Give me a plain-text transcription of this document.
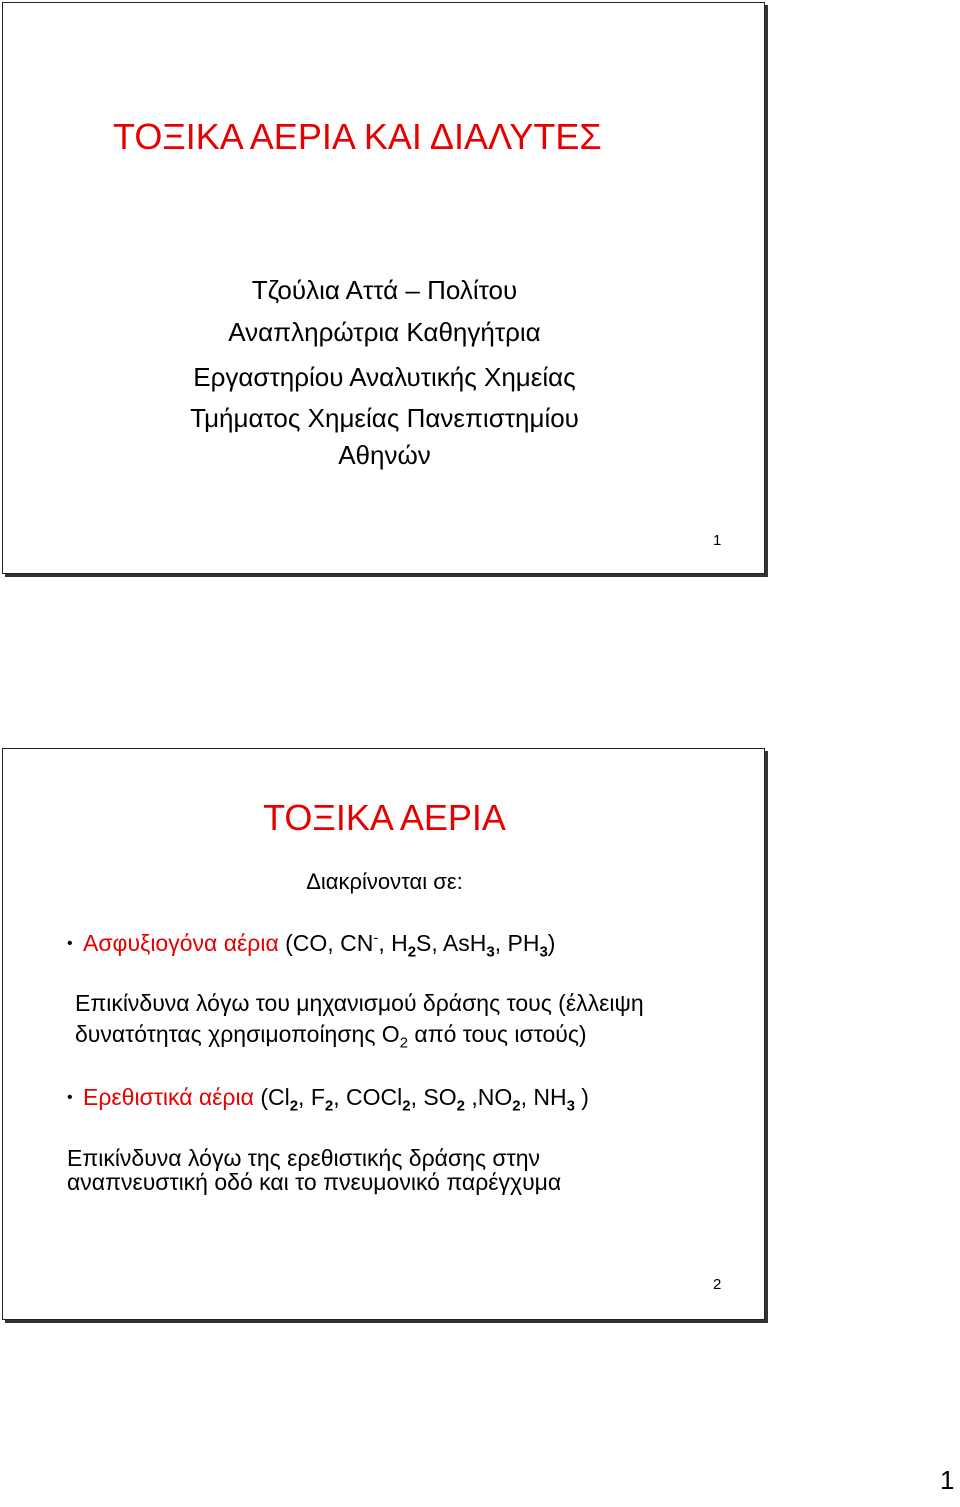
ΤΟΞΙΚΑ ΑΕΡΙΑ ΚΑΙ ΔΙΑΛΥΤΕΣ
Τζούλια Αττά – Πολίτου
Αναπληρώτρια Καθηγήτρια
Εργαστηρίου Αναλυτικής Χημείας
Τμήματος Χημείας Πανεπιστημίου
Αθηνών
1
ΤΟΞΙΚΑ ΑΕΡΙΑ
Διακρίνονται σε:
• Ασφυξιογόνα αέρια (CO, CN-, $H_2S$, AsH$_3$, $PH_3$)
Επικίνδυνα λόγω του μηχανισμού δράσης τους (έλλειψη
δυνατότητας χρησιμοποίησης $O_2$ από τους ιστούς)
• Ερεθιστικά αέρια ($Cl_2$, $F_2$, COCl$_2$, $SO_2$ $,NO_2$, $NH_3$ )
Επικίνδυνα λόγω της ερεθιστικής δράσης στην
αναπνευστική οδό και το πνευμονικό παρέγχυμα
2
1
